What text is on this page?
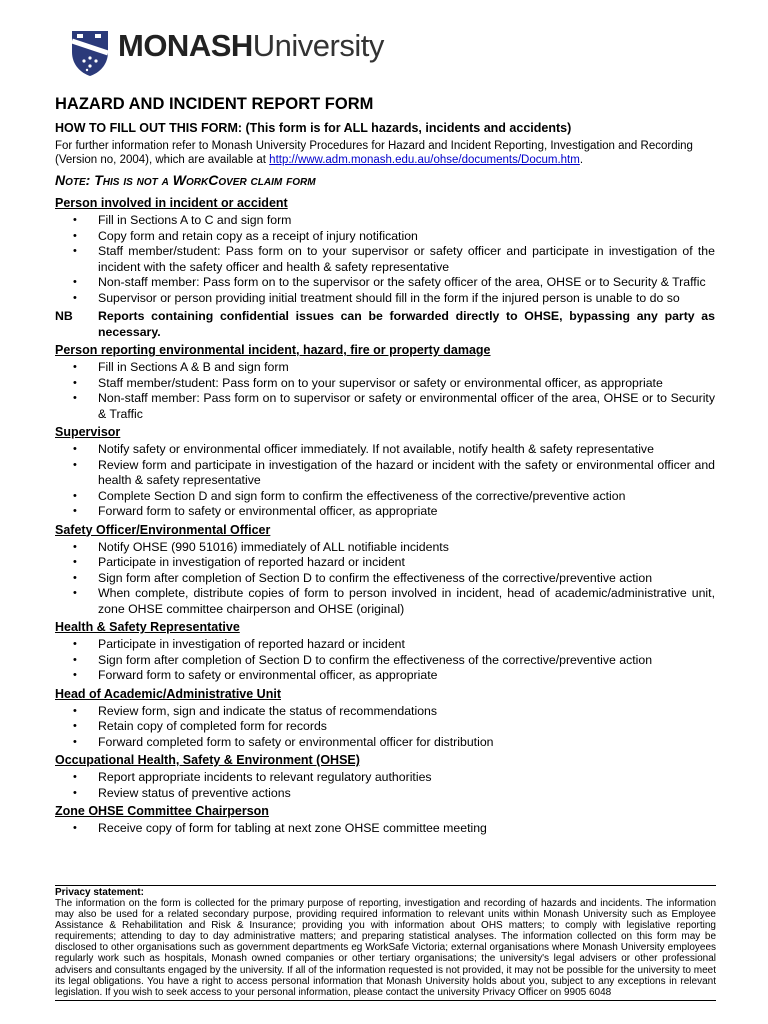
MONASHUniversity
HAZARD AND INCIDENT REPORT FORM
HOW TO FILL OUT THIS FORM: (This form is for ALL hazards, incidents and accidents)
For further information refer to Monash University Procedures for Hazard and Incident Reporting, Investigation and Recording (Version no, 2004), which are available at http://www.adm.monash.edu.au/ohse/documents/Docum.htm.
Note: This is not a WorkCover claim form
Person involved in incident or accident
• Fill in Sections A to C and sign form
• Copy form and retain copy as a receipt of injury notification
• Staff member/student: Pass form on to your supervisor or safety officer and participate in investigation of the incident with the safety officer and health & safety representative
• Non-staff member: Pass form on to the supervisor or the safety officer of the area, OHSE or to Security & Traffic
• Supervisor or person providing initial treatment should fill in the form if the injured person is unable to do so
NB	Reports containing confidential issues can be forwarded directly to OHSE, bypassing any party as necessary.
Person reporting environmental incident, hazard, fire or property damage
• Fill in Sections A & B and sign form
• Staff member/student: Pass form on to your supervisor or safety or environmental officer, as appropriate
• Non-staff member: Pass form on to supervisor or safety or environmental officer of the area, OHSE or to Security & Traffic
Supervisor
• Notify safety or environmental officer immediately. If not available, notify health & safety representative
• Review form and participate in investigation of the hazard or incident with the safety or environmental officer and health & safety representative
• Complete Section D and sign form to confirm the effectiveness of the corrective/preventive action
• Forward form to safety or environmental officer, as appropriate
Safety Officer/Environmental Officer
• Notify OHSE (990 51016) immediately of ALL notifiable incidents
• Participate in investigation of reported hazard or incident
• Sign form after completion of Section D to confirm the effectiveness of the corrective/preventive action
• When complete, distribute copies of form to person involved in incident, head of academic/administrative unit, zone OHSE committee chairperson and OHSE (original)
Health & Safety Representative
• Participate in investigation of reported hazard or incident
• Sign form after completion of Section D to confirm the effectiveness of the corrective/preventive action
• Forward form to safety or environmental officer, as appropriate
Head of Academic/Administrative Unit
• Review form, sign and indicate the status of recommendations
• Retain copy of completed form for records
• Forward completed form to safety or environmental officer for distribution
Occupational Health, Safety & Environment (OHSE)
• Report appropriate incidents to relevant regulatory authorities
• Review status of preventive actions
Zone OHSE Committee Chairperson
• Receive copy of form for tabling at next zone OHSE committee meeting
Privacy statement:
The information on the form is collected for the primary purpose of reporting, investigation and recording of hazards and incidents. The information may also be used for a related secondary purpose, providing required information to relevant units within Monash University such as Employee Assistance & Rehabilitation and Risk & Insurance; providing you with information about OHS matters; to comply with legislative reporting requirements; attending to day to day administrative matters; and preparing statistical analyses. The information collected on this form may be disclosed to other organisations such as government departments eg WorkSafe Victoria; external organisations where Monash University employees regularly work such as hospitals, Monash owned companies or other tertiary organisations; the university's legal advisers or other professional advisers and consultants engaged by the university. If all of the information requested is not provided, it may not be possible for the university to meet its legal obligations. You have a right to access personal information that Monash University holds about you, subject to any exceptions in relevant legislation. If you wish to seek access to your personal information, please contact the university Privacy Officer on 9905 6048
